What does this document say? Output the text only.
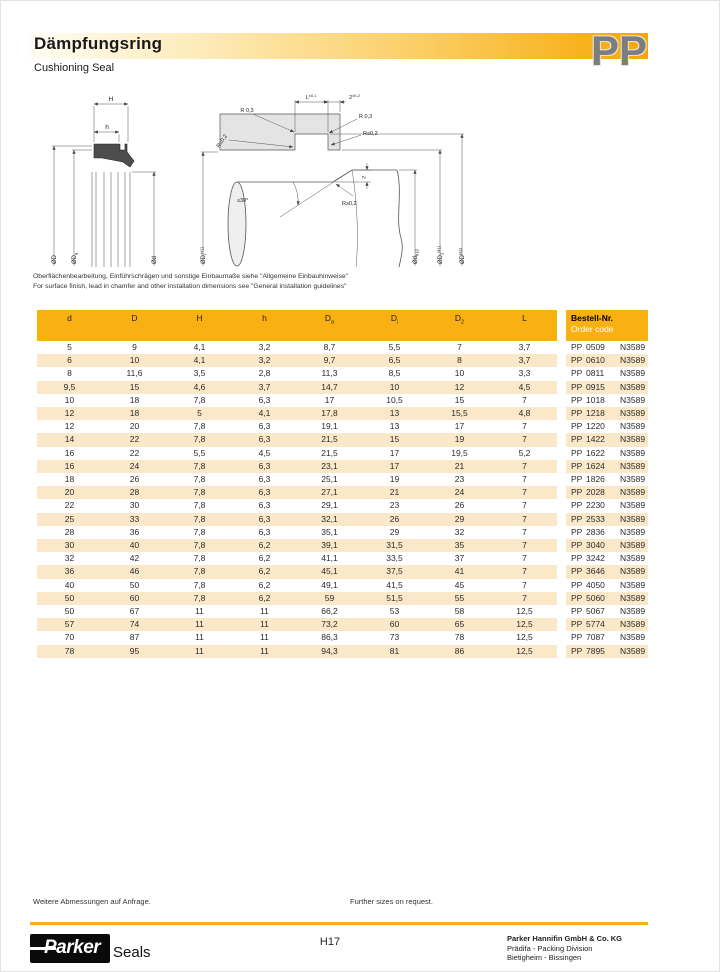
Dämpfungsring
Cushioning Seal	PP
H
h
ØD $ØD_a$
Ød
$L^{\pm 0,1}$	$2^{\pm 0,2}$
R 0,3
R≤0,2
R 0,3
R≤0,2
≤30°	R≥0,2
2
$Ød_{h10}$
$ØD_2^{H11}$
$ØD^{H11}$
$ØD_i^{H11}$
Oberflächenbearbeitung, Einführschrägen und sonstige Einbaumaße siehe "Allgemeine Einbauhinweise"
For surface finish, lead in chamfer and other installation dimensions see "General installation guidelines"
d	D	H	h	$D_a$	$D_i$	$D_2$	L		Bestell-Nr.
Order code

5	9	4,1	3,2	8,7	5,5	7	3,7		PP 0509 N3589
6	10	4,1	3,2	9,7	6,5	8	3,7		PP 0610 N3589
8	11,6	3,5	2,8	11,3	8,5	10	3,3		PP 0811 N3589
9,5	15	4,6	3,7	14,7	10	12	4,5		PP 0915 N3589
10	18	7,8	6,3	17	10,5	15	7		PP 1018 N3589
12	18	5	4,1	17,8	13	15,5	4,8		PP 1218 N3589
12	20	7,8	6,3	19,1	13	17	7		PP 1220 N3589
14	22	7,8	6,3	21,5	15	19	7		PP 1422 N3589
16	22	5,5	4,5	21,5	17	19,5	5,2		PP 1622 N3589
16	24	7,8	6,3	23,1	17	21	7		PP 1624 N3589
18	26	7,8	6,3	25,1	19	23	7		PP 1826 N3589
20	28	7,8	6,3	27,1	21	24	7		PP 2028 N3589
22	30	7,8	6,3	29,1	23	26	7		PP 2230 N3589
25	33	7,8	6,3	32,1	26	29	7		PP 2533 N3589
28	36	7,8	6,3	35,1	29	32	7		PP 2836 N3589
30	40	7,8	6,2	39,1	31,5	35	7		PP 3040 N3589
32	42	7,8	6,2	41,1	33,5	37	7		PP 3242 N3589
36	46	7,8	6,2	45,1	37,5	41	7		PP 3646 N3589
40	50	7,8	6,2	49,1	41,5	45	7		PP 4050 N3589
50	60	7,8	6,2	59	51,5	55	7		PP 5060 N3589
50	67	11	11	66,2	53	58	12,5		PP 5067 N3589
57	74	11	11	73,2	60	65	12,5		PP 5774 N3589
70	87	11	11	86,3	73	78	12,5		PP 7087 N3589
78	95	11	11	94,3	81	86	12,5		PP 7895 N3589
Weitere Abmessungen auf Anfrage.	Further sizes on request.
Parker Seals
H17	Parker Hannifin GmbH & Co. KG
Prädifa - Packing Division
Bietigheim - Bissingen
